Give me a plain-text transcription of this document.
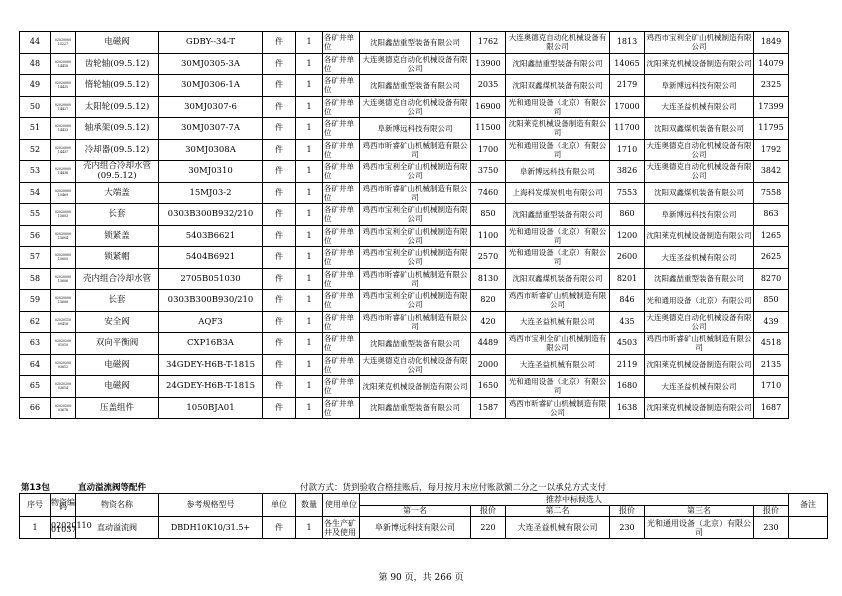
44	02020000 15227	电磁阀	GDBY--34-T	件	1	各矿井单位	沈阳鑫喆重型装备有限公司	1762	大连奥德克自动化机械设备有限公司	1813	鸡西市宝利全矿山机械制造有限公司	1849
48	02020000 14418	齿轮轴(09.5.12)	30MJ0305-3A	件	1	各矿井单位	大连奥德克自动化机械设备有限公司	13900	沈阳鑫喆重型装备有限公司	14065	沈阳莱克机械设备制造有限公司	14079
49	02020000 14425	惰轮轴(09.5.12)	30MJ0306-1A	件	1	各矿井单位	沈阳鑫喆重型装备有限公司	2035	沈阳双鑫煤机装备有限公司	2179	阜新博远科技有限公司	2325
50	02020000 14427	太阳轮(09.5.12)	30MJ0307-6	件	1	各矿井单位	大连奥德克自动化机械设备有限公司	16900	光和通用设备（北京）有限公司	17000	大连圣益机械有限公司	17399
51	02020000 14433	轴承架(09.5.12)	30MJ0307-7A	件	1	各矿井单位	阜新博远科技有限公司	11500	沈阳莱克机械设备制造有限公司	11700	沈阳双鑫煤机装备有限公司	11795
52	02020000 14437	冷却器(09.5.12)	30MJ0308A	件	1	各矿井单位	鸡西市昕睿矿山机械制造有限公司	1700	光和通用设备（北京）有限公司	1710	大连奥德克自动化机械设备有限公司	1792
53	02020000 14438	壳内组合冷却水管(09.5.12)	30MJ0310	件	1	各矿井单位	鸡西市宝利全矿山机械制造有限公司	3750	阜新博远科技有限公司	3826	大连奥德克自动化机械设备有限公司	3842
54	02020000 15469	大端盖	15MJ03-2	件	1	各矿井单位	鸡西市昕睿矿山机械制造有限公司	7460	上海科发煤炭机电有限公司	7553	沈阳双鑫煤机装备有限公司	7558
55	02020000 15603	长套	0303B300B932/210	件	1	各矿井单位	鸡西市宝利全矿山机械制造有限公司	850	沈阳鑫喆重型装备有限公司	860	阜新博远科技有限公司	863
56	02020000 15604	锁紧盖	5403B6621	件	1	各矿井单位	鸡西市宝利全矿山机械制造有限公司	1100	光和通用设备（北京）有限公司	1200	沈阳莱克机械设备制造有限公司	1265
57	02020000 15605	锁紧帽	5404B6921	件	1	各矿井单位	鸡西市宝利全矿山机械制造有限公司	2570	光和通用设备（北京）有限公司	2600	大连圣益机械有限公司	2625
58	02020000 15606	壳内组合冷却水管	2705B051030	件	1	各矿井单位	鸡西市昕睿矿山机械制造有限公司	8130	沈阳双鑫煤机装备有限公司	8201	沈阳鑫喆重型装备有限公司	8270
59	02020000 15608	长套	0303B300B930/210	件	1	各矿井单位	鸡西市宝利全矿山机械制造有限公司	820	鸡西市昕睿矿山机械制造有限公司	846	光和通用设备（北京）有限公司	850
62	02020110 00418	安全阀	AQF3	件	1	各矿井单位	鸡西市昕睿矿山机械制造有限公司	420	大连圣益机械有限公司	435	大连奥德克自动化机械设备有限公司	439
63	02020200 01010	双向平衡阀	CXP16B3A	件	1	各矿井单位	沈阳鑫喆重型装备有限公司	4489	鸡西市宝利全矿山机械制造有限公司	4503	鸡西市昕睿矿山机械制造有限公司	4518
64	02020200 03612	电磁阀	34GDEY-H6B-T-1815	件	1	各矿井单位	大连奥德克自动化机械设备有限公司	2000	大连圣益机械有限公司	2119	沈阳莱克机械设备制造有限公司	2135
65	02020200 03614	电磁阀	24GDEY-H6B-T-1815	件	1	各矿井单位	沈阳莱克机械设备制造有限公司	1650	光和通用设备（北京）有限公司	1680	大连圣益机械有限公司	1710
66	02020200 03678	压盖组件	1050BJA01	件	1	各矿井单位	沈阳鑫喆重型装备有限公司	1587	鸡西市昕睿矿山机械制造有限公司	1638	沈阳莱克机械设备制造有限公司	1687
第13包	直动溢流阀等配件	付款方式：货到验收合格挂账后，每月按月末应付账款额二分之一以承兑方式支付
序号	物资编码	物资名称	参考规格型号	单位	数量	使用单位	推荐中标候选人						备注
							第一名	报价	第二名	报价	第三名	报价	
1	02020110 01037	直动溢流阀	DBDH10K10/31.5+	件	1	各生产矿井及使用	阜新博远科技有限公司	220	大连圣益机械有限公司	230	光和通用设备（北京）有限公司	230	
第 90 页，共 266 页
